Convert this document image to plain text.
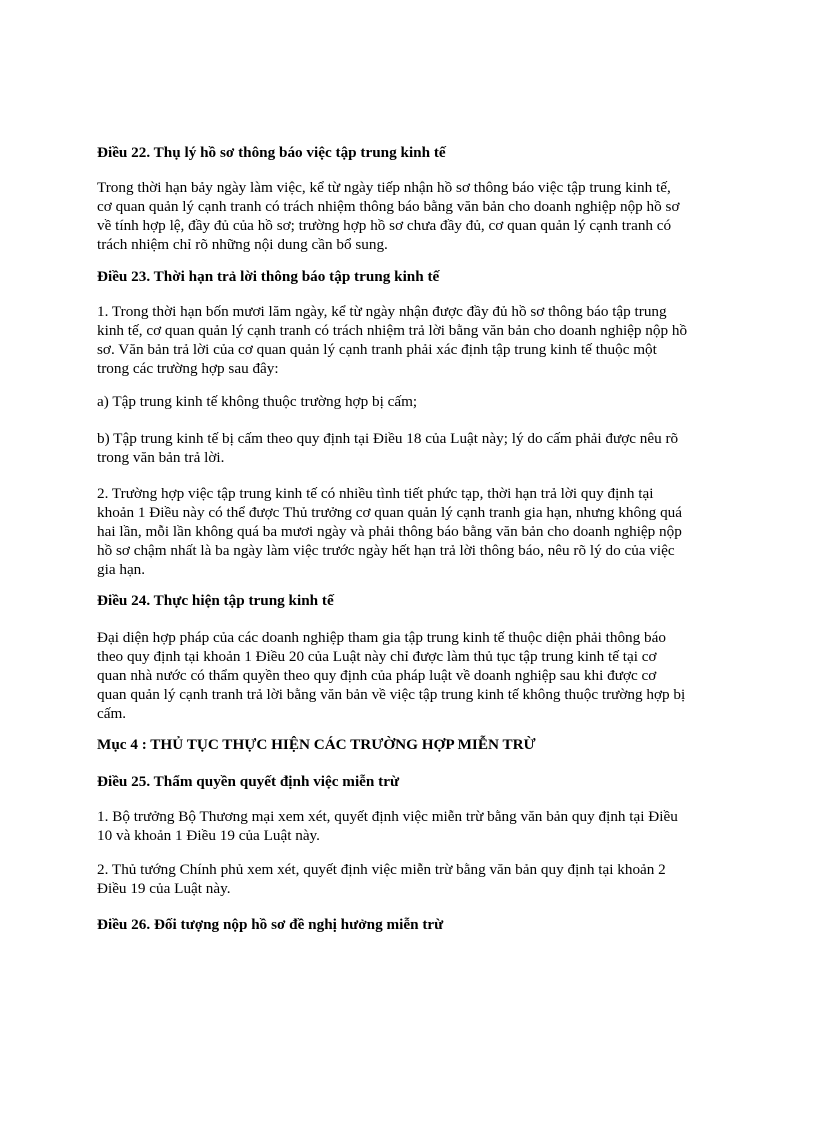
Điều 22. Thụ lý hồ sơ thông báo việc tập trung kinh tế

Trong thời hạn bảy ngày làm việc, kể từ ngày tiếp nhận hồ sơ thông báo việc tập trung kinh tế,
cơ quan quản lý cạnh tranh có trách nhiệm thông báo bằng văn bản cho doanh nghiệp nộp hồ sơ
về tính hợp lệ, đầy đủ của hồ sơ; trường hợp hồ sơ chưa đầy đủ, cơ quan quản lý cạnh tranh có
trách nhiệm chỉ rõ những nội dung cần bổ sung.

Điều 23. Thời hạn trả lời thông báo tập trung kinh tế

1. Trong thời hạn bốn mươi lăm ngày, kể từ ngày nhận được đầy đủ hồ sơ thông báo tập trung
kinh tế, cơ quan quản lý cạnh tranh có trách nhiệm trả lời bằng văn bản cho doanh nghiệp nộp hồ
sơ. Văn bản trả lời của cơ quan quản lý cạnh tranh phải xác định tập trung kinh tế thuộc một
trong các trường hợp sau đây:

a) Tập trung kinh tế không thuộc trường hợp bị cấm;

b) Tập trung kinh tế bị cấm theo quy định tại Điều 18 của Luật này; lý do cấm phải được nêu rõ
trong văn bản trả lời.

2. Trường hợp việc tập trung kinh tế có nhiều tình tiết phức tạp, thời hạn trả lời quy định tại
khoản 1 Điều này có thể được Thủ trưởng cơ quan quản lý cạnh tranh gia hạn, nhưng không quá
hai lần, mỗi lần không quá ba mươi ngày và phải thông báo bằng văn bản cho doanh nghiệp nộp
hồ sơ chậm nhất là ba ngày làm việc trước ngày hết hạn trả lời thông báo, nêu rõ lý do của việc
gia hạn.

Điều 24. Thực hiện tập trung kinh tế

Đại diện hợp pháp của các doanh nghiệp tham gia tập trung kinh tế thuộc diện phải thông báo
theo quy định tại khoản 1 Điều 20 của Luật này chỉ được làm thủ tục tập trung kinh tế tại cơ
quan nhà nước có thẩm quyền theo quy định của pháp luật về doanh nghiệp sau khi được cơ
quan quản lý cạnh tranh trả lời bằng văn bản về việc tập trung kinh tế không thuộc trường hợp bị
cấm.

Mục 4 : THỦ TỤC THỰC HIỆN CÁC TRƯỜNG HỢP MIỄN TRỪ

Điều 25. Thẩm quyền quyết định việc miễn trừ

1. Bộ trưởng Bộ Thương mại xem xét, quyết định việc miễn trừ bằng văn bản quy định tại Điều
10 và khoản 1 Điều 19 của Luật này.

2. Thủ tướng Chính phủ xem xét, quyết định việc miễn trừ bằng văn bản quy định tại khoản 2
Điều 19 của Luật này.

Điều 26. Đối tượng nộp hồ sơ đề nghị hưởng miễn trừ
